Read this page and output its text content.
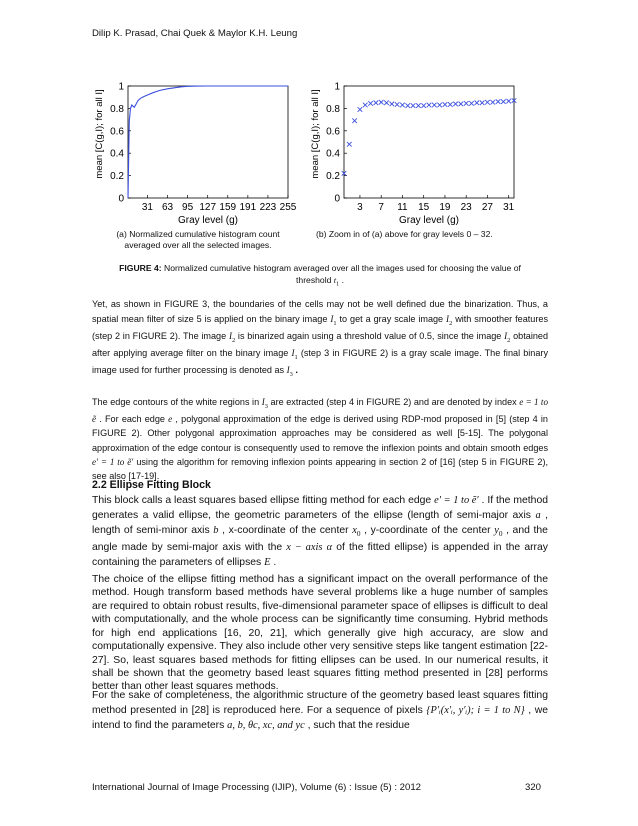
Dilip K. Prasad, Chai Quek & Maylor K.H. Leung
0
0.2
0.4
0.6
0.8
1
31 63 95 127 159 191 223 255
Gray level (g)
mean [C(g,I); for all I]
0
0.2
0.4
0.6
0.8
1
3 7 11 15 19 23 27 31
Gray level (g)
mean [C(g,I); for all I]
(a) Normalized cumulative histogram count averaged over all the selected images.
(b) Zoom in of (a) above for gray levels 0 – 32.
FIGURE 4: Normalized cumulative histogram averaged over all the images used for choosing the value of
threshold $t_1$ .
Yet, as shown in FIGURE 3, the boundaries of the cells may not be well defined due the binarization. Thus, a spatial mean filter of size 5 is applied on the binary image $I_1$ to get a gray scale image $I_2$ with smoother features (step 2 in FIGURE 2). The image $I_2$ is binarized again using a threshold value of 0.5, since the image $I_2$ obtained after applying average filter on the binary image $I_1$ (step 3 in FIGURE 2) is a gray scale image. The final binary image used for further processing is denoted as $I_3$ .
The edge contours of the white regions in $I_3$ are extracted (step 4 in FIGURE 2) and are denoted by index e = 1 to ẽ . For each edge e , polygonal approximation of the edge is derived using RDP-mod proposed in [5] (step 4 in FIGURE 2). Other polygonal approximation approaches may be considered as well [5-15]. The polygonal approximation of the edge contour is consequently used to remove the inflexion points and obtain smooth edges e′ = 1 to ẽ′ using the algorithm for removing inflexion points appearing in section 2 of [16] (step 5 in FIGURE 2), see also [17-19].
2.2 Ellipse Fitting Block
This block calls a least squares based ellipse fitting method for each edge e′ = 1 to ẽ′ . If the method generates a valid ellipse, the geometric parameters of the ellipse (length of semi-major axis a , length of semi-minor axis b , x-coordinate of the center $x_0$ , y-coordinate of the center $y_0$ , and the angle made by semi-major axis with the x − axis α of the fitted ellipse) is appended in the array containing the parameters of ellipses E .
The choice of the ellipse fitting method has a significant impact on the overall performance of the method. Hough transform based methods have several problems like a huge number of samples are required to obtain robust results, five-dimensional parameter space of ellipses is difficult to deal with computationally, and the whole process can be significantly time consuming. Hybrid methods for high end applications [16, 20, 21], which generally give high accuracy, are slow and computationally expensive. They also include other very sensitive steps like tangent estimation [22-27]. So, least squares based methods for fitting ellipses can be used. In our numerical results, it shall be shown that the geometry based least squares fitting method presented in [28] performs better than other least squares methods.
For the sake of completeness, the algorithmic structure of the geometry based least squares fitting method presented in [28] is reproduced here. For a sequence of pixels {P′ᵢ(x′ᵢ, y′ᵢ); i = 1 to N} , we intend to find the parameters a, b, θc, xc, and yc , such that the residue
International Journal of Image Processing (IJIP), Volume (6) : Issue (5) : 2012	320
